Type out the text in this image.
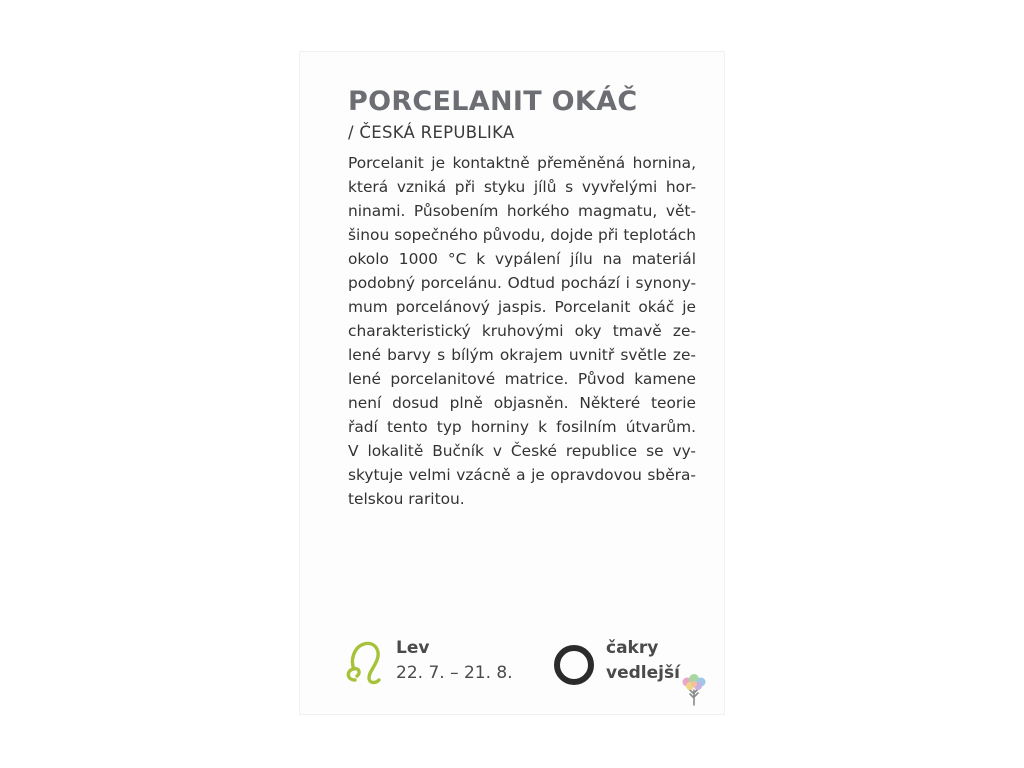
PORCELANIT OKÁČ
/ ČESKÁ REPUBLIKA
Porcelanit je kontaktně přeměněná hornina,
která vzniká při styku jílů s vyvřelými hor-
ninami. Působením horkého magmatu, vět-
šinou sopečného původu, dojde při teplotách
okolo 1000 °C k vypálení jílu na materiál
podobný porcelánu. Odtud pochází i synony-
mum porcelánový jaspis. Porcelanit okáč je
charakteristický kruhovými oky tmavě ze-
lené barvy s bílým okrajem uvnitř světle ze-
lené porcelanitové matrice. Původ kamene
není dosud plně objasněn. Některé teorie
řadí tento typ horniny k fosilním útvarům.
V lokalitě Bučník v České republice se vy-
skytuje velmi vzácně a je opravdovou sběra-
telskou raritou.
Lev
22. 7. – 21. 8.
čakry
vedlejší
